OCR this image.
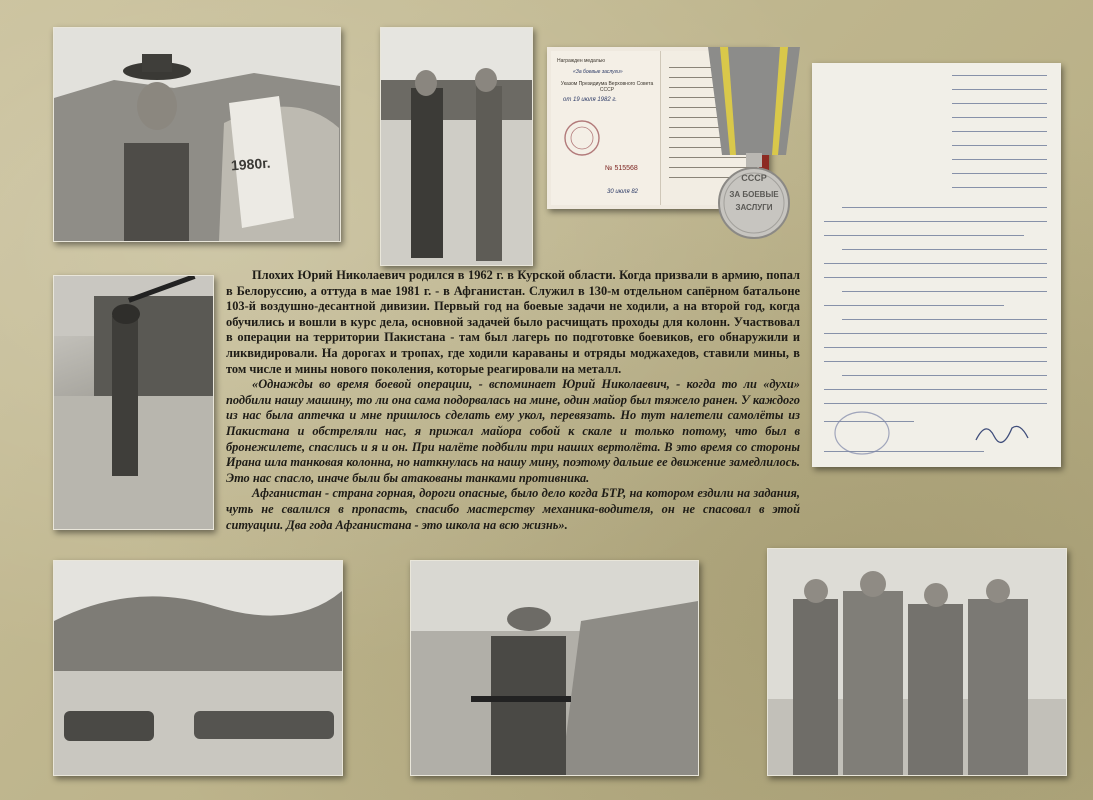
1980г.
Награжден медалью
«За боевые заслуги»
Указом Президиума Верховного Совета СССР
от 19 июля 1982 г.
№ 515568
30 июля 82
СССР
ЗА БОЕВЫЕ
ЗАСЛУГИ

Плохих Юрий Николаевич родился в 1962 г. в Курской области. Когда призвали в армию, попал в Белоруссию, а оттуда в мае 1981 г. - в Афганистан. Служил в 130-м отдельном сапёрном батальоне 103-й воздушно-десантной дивизии. Первый год на боевые задачи не ходили, а на второй год, когда обучились и вошли в курс дела, основной задачей было расчищать проходы для колонн. Участвовал в операции на территории Пакистана - там был лагерь по подготовке боевиков, его обнаружили и ликвидировали. На дорогах и тропах, где ходили караваны и отряды моджахедов, ставили мины, в том числе и мины нового поколения, которые реагировали на металл.

«Однажды во время боевой операции, - вспоминает Юрий Николаевич, - когда то ли «духи» подбили нашу машину, то ли она сама подорвалась на мине, один майор был тяжело ранен. У каждого из нас была аптечка и мне пришлось сделать ему укол, перевязать. Но тут налетели самолёты из Пакистана и обстреляли нас, я прижал майора собой к скале и только потому, что был в бронежилете, спаслись и я и он. При налёте подбили три наших вертолёта. В это время со стороны Ирана шла танковая колонна, но наткнулась на нашу мину, поэтому дальше ее движение замедлилось. Это нас спасло, иначе были бы атакованы танками противника.

Афганистан - страна горная, дороги опасные, было дело когда БТР, на котором ездили на задания, чуть не свалился в пропасть, спасибо мастерству механика-водителя, он не спасовал в этой ситуации. Два года Афганистана - это школа на всю жизнь».
